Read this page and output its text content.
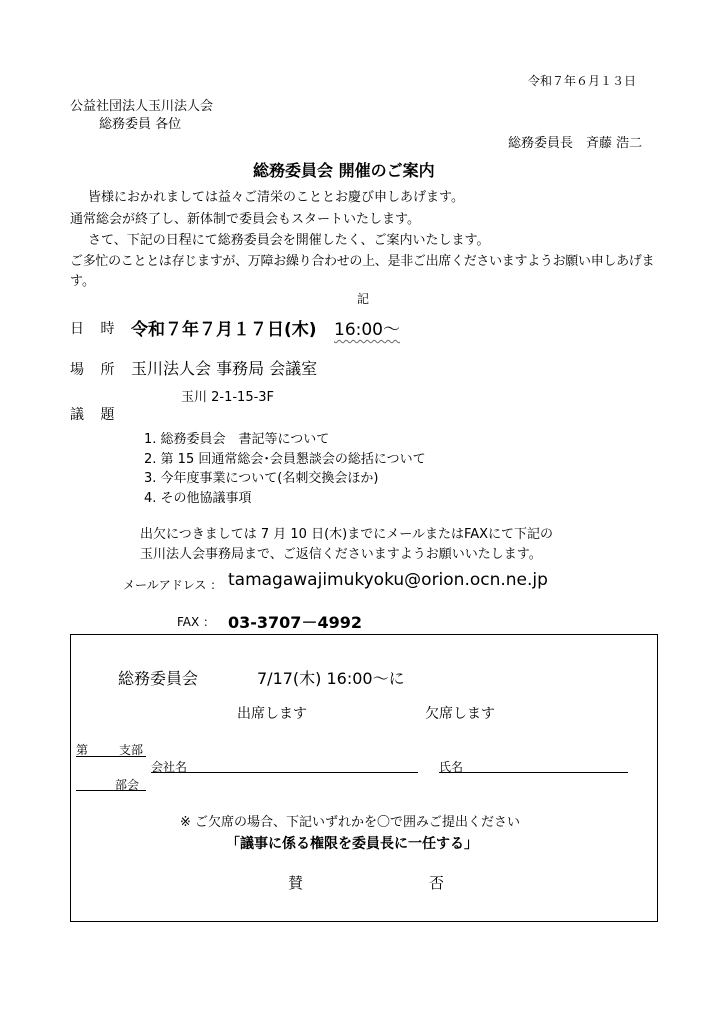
令和７年６月１３日
公益社団法人玉川法人会
総務委員 各位
総務委員長　斉藤 浩二
総務委員会 開催のご案内
皆様におかれましては益々ご清栄のこととお慶び申しあげます。
通常総会が終了し、新体制で委員会もスタートいたします。
さて、下記の日程にて総務委員会を開催したく、ご案内いたします。
ご多忙のこととは存じますが、万障お繰り合わせの上、是非ご出席くださいますようお願い申しあげま
す。
記
日 時 令和７年７月１７日(木) 16:00～
場 所 玉川法人会 事務局 会議室
玉川 2-1-15-3F
議 題
1. 総務委員会　書記等について
2. 第 15 回通常総会･会員懇談会の総括について
3. 今年度事業について(名刺交換会ほか)
4. その他協議事項
出欠につきましては 7 月 10 日(木)までにメールまたはFAXにて下記の
玉川法人会事務局まで、ご返信くださいますようお願いいたします。
メールアドレス ： tamagawajimukyoku@orion.ocn.ne.jp
FAX ： 03-3707－4992
総務委員会	7/17(木) 16:00～に
出席します	欠席します
第	支部
会社名	氏名
部会
※ ご欠席の場合、下記いずれかを〇で囲みご提出ください
「議事に係る権限を委員長に一任する」
賛	否
